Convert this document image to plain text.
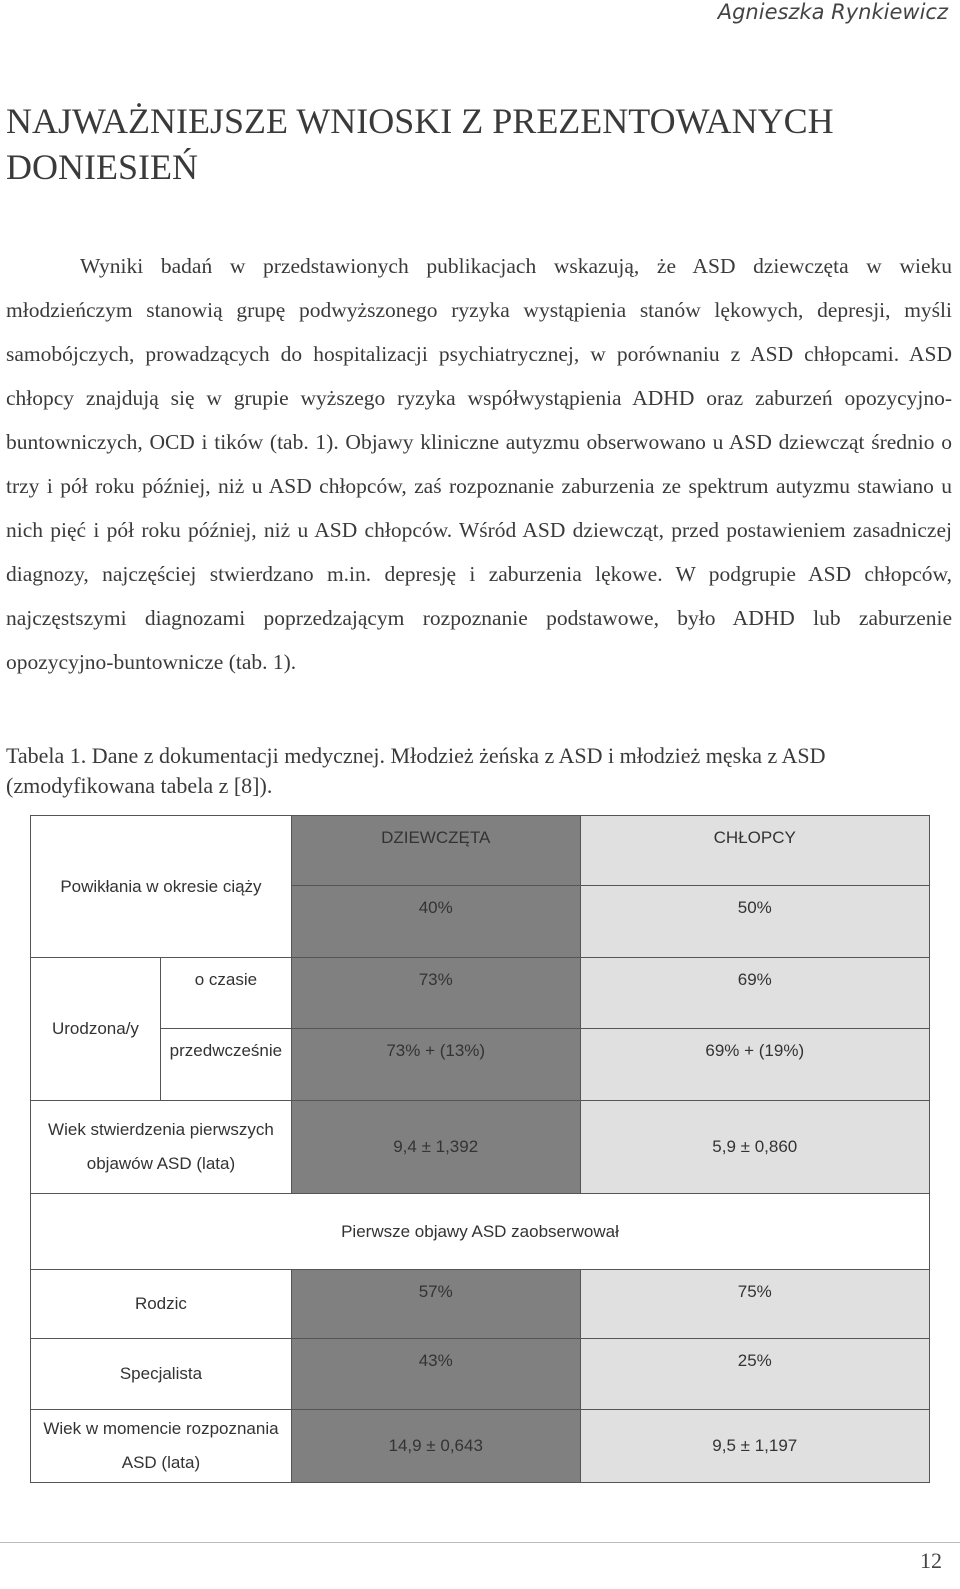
Agnieszka Rynkiewicz
NAJWAŻNIEJSZE WNIOSKI Z PREZENTOWANYCH DONIESIEŃ

Wyniki badań w przedstawionych publikacjach wskazują, że ASD dziewczęta w wieku młodzieńczym stanowią grupę podwyższonego ryzyka wystąpienia stanów lękowych, depresji, myśli samobójczych, prowadzących do hospitalizacji psychiatrycznej, w porównaniu z ASD chłopcami. ASD chłopcy znajdują się w grupie wyższego ryzyka współwystąpienia ADHD oraz zaburzeń opozycyjno-buntowniczych, OCD i tików (tab. 1). Objawy kliniczne autyzmu obserwowano u ASD dziewcząt średnio o trzy i pół roku później, niż u ASD chłopców, zaś rozpoznanie zaburzenia ze spektrum autyzmu stawiano u nich pięć i pół roku później, niż u ASD chłopców. Wśród ASD dziewcząt, przed postawieniem zasadniczej diagnozy, najczęściej stwierdzano m.in. depresję i zaburzenia lękowe. W podgrupie ASD chłopców, najczęstszymi diagnozami poprzedzającym rozpoznanie podstawowe, było ADHD lub zaburzenie opozycyjno-buntownicze (tab. 1).

Tabela 1. Dane z dokumentacji medycznej. Młodzież żeńska z ASD i młodzież męska z ASD (zmodyfikowana tabela z [8]).

Powikłania w okresie ciąży		DZIEWCZĘTA	CHŁOPCY
		40%	50%
Urodzona/y	o czasie	73%	69%
	przedwcześnie	73% + (13%)	69% + (19%)

Wiek stwierdzenia pierwszych
objawów ASD (lata)		9,4 ± 1,392	5,9 ± 0,860
Pierwsze objawy ASD zaobserwował			
Rodzic		57%	75%
Specjalista		43%	25%

Wiek w momencie rozpoznania
ASD (lata)		14,9 ± 0,643	9,5 ± 1,197
12
